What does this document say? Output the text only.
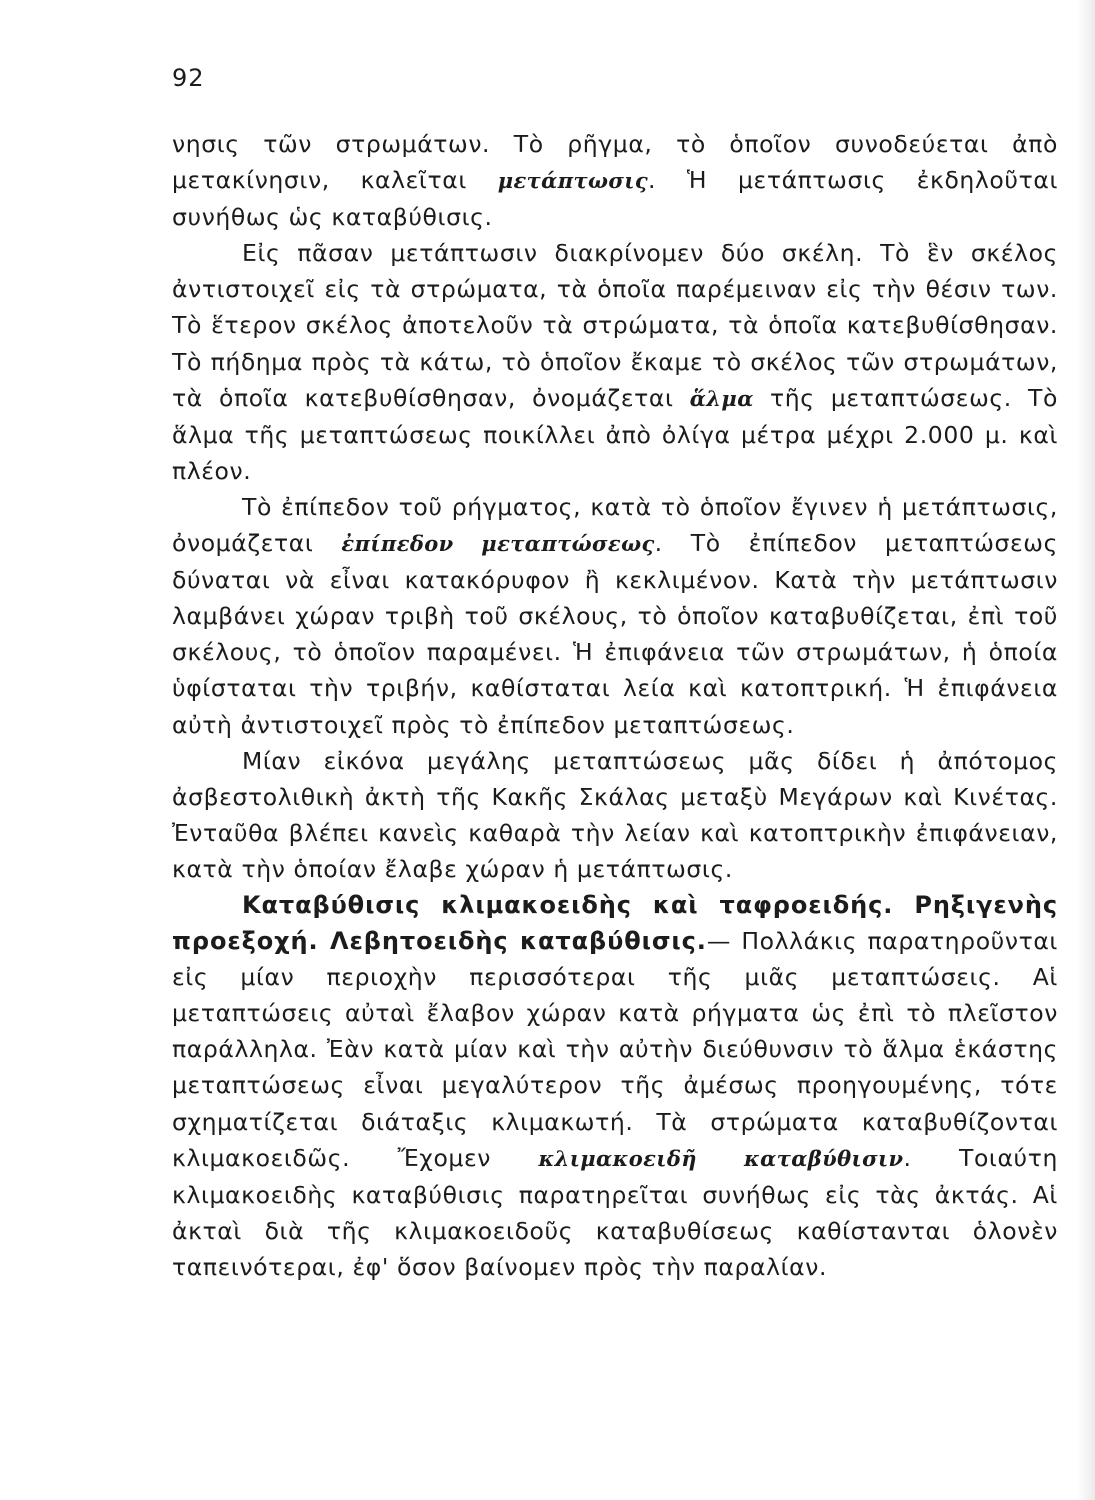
92

νησις τῶν στρωμάτων. Τὸ ρῆγμα, τὸ ὁποῖον συνοδεύεται ἀπὸ μετακίνησιν, καλεῖται μετάπτωσις. Ἡ μετάπτωσις ἐκδηλοῦται συνήθως ὡς καταβύθισις.

Εἰς πᾶσαν μετάπτωσιν διακρίνομεν δύο σκέλη. Τὸ ἓν σκέλος ἀντιστοιχεῖ εἰς τὰ στρώματα, τὰ ὁποῖα παρέμειναν εἰς τὴν θέσιν των. Τὸ ἕτερον σκέλος ἀποτελοῦν τὰ στρώματα, τὰ ὁποῖα κατεβυθίσθησαν. Τὸ πήδημα πρὸς τὰ κάτω, τὸ ὁποῖον ἔκαμε τὸ σκέλος τῶν στρωμάτων, τὰ ὁποῖα κατεβυθίσθησαν, ὀνομάζεται ἅλμα τῆς μεταπτώσεως. Τὸ ἅλμα τῆς μεταπτώσεως ποικίλλει ἀπὸ ὀλίγα μέτρα μέχρι 2.000 μ. καὶ πλέον.

Τὸ ἐπίπεδον τοῦ ρήγματος, κατὰ τὸ ὁποῖον ἔγινεν ἡ μετάπτωσις, ὀνομάζεται ἐπίπεδον μεταπτώσεως. Τὸ ἐπίπεδον μεταπτώσεως δύναται νὰ εἶναι κατακόρυφον ἢ κεκλιμένον. Κατὰ τὴν μετάπτωσιν λαμβάνει χώραν τριβὴ τοῦ σκέλους, τὸ ὁποῖον καταβυθίζεται, ἐπὶ τοῦ σκέλους, τὸ ὁποῖον παραμένει. Ἡ ἐπιφάνεια τῶν στρωμάτων, ἡ ὁποία ὑφίσταται τὴν τριβήν, καθίσταται λεία καὶ κατοπτρική. Ἡ ἐπιφάνεια αὐτὴ ἀντιστοιχεῖ πρὸς τὸ ἐπίπεδον μεταπτώσεως.

Μίαν εἰκόνα μεγάλης μεταπτώσεως μᾶς δίδει ἡ ἀπότομος ἀσβεστολιθικὴ ἀκτὴ τῆς Κακῆς Σκάλας μεταξὺ Μεγάρων καὶ Κινέτας. Ἐνταῦθα βλέπει κανεὶς καθαρὰ τὴν λείαν καὶ κατοπτρικὴν ἐπιφάνειαν, κατὰ τὴν ὁποίαν ἔλαβε χώραν ἡ μετάπτωσις.

Καταβύθισις κλιμακοειδὴς καὶ ταφροειδής. Ρηξιγενὴς προεξοχή. Λεβητοειδὴς καταβύθισις.— Πολλάκις παρατηροῦνται εἰς μίαν περιοχὴν περισσότεραι τῆς μιᾶς μεταπτώσεις. Αἱ μεταπτώσεις αὐταὶ ἔλαβον χώραν κατὰ ρήγματα ὡς ἐπὶ τὸ πλεῖστον παράλληλα. Ἐὰν κατὰ μίαν καὶ τὴν αὐτὴν διεύθυνσιν τὸ ἅλμα ἑκάστης μεταπτώσεως εἶναι μεγαλύτερον τῆς ἀμέσως προηγουμένης, τότε σχηματίζεται διάταξις κλιμακωτή. Τὰ στρώματα καταβυθίζονται κλιμακοειδῶς. Ἔχομεν κλιμακοειδῆ καταβύθισιν. Τοιαύτη κλιμακοειδὴς καταβύθισις παρατηρεῖται συνήθως εἰς τὰς ἀκτάς. Αἱ ἀκταὶ διὰ τῆς κλιμακοειδοῦς καταβυθίσεως καθίστανται ὁλονὲν ταπεινότεραι, ἐφ' ὅσον βαίνομεν πρὸς τὴν παραλίαν.
